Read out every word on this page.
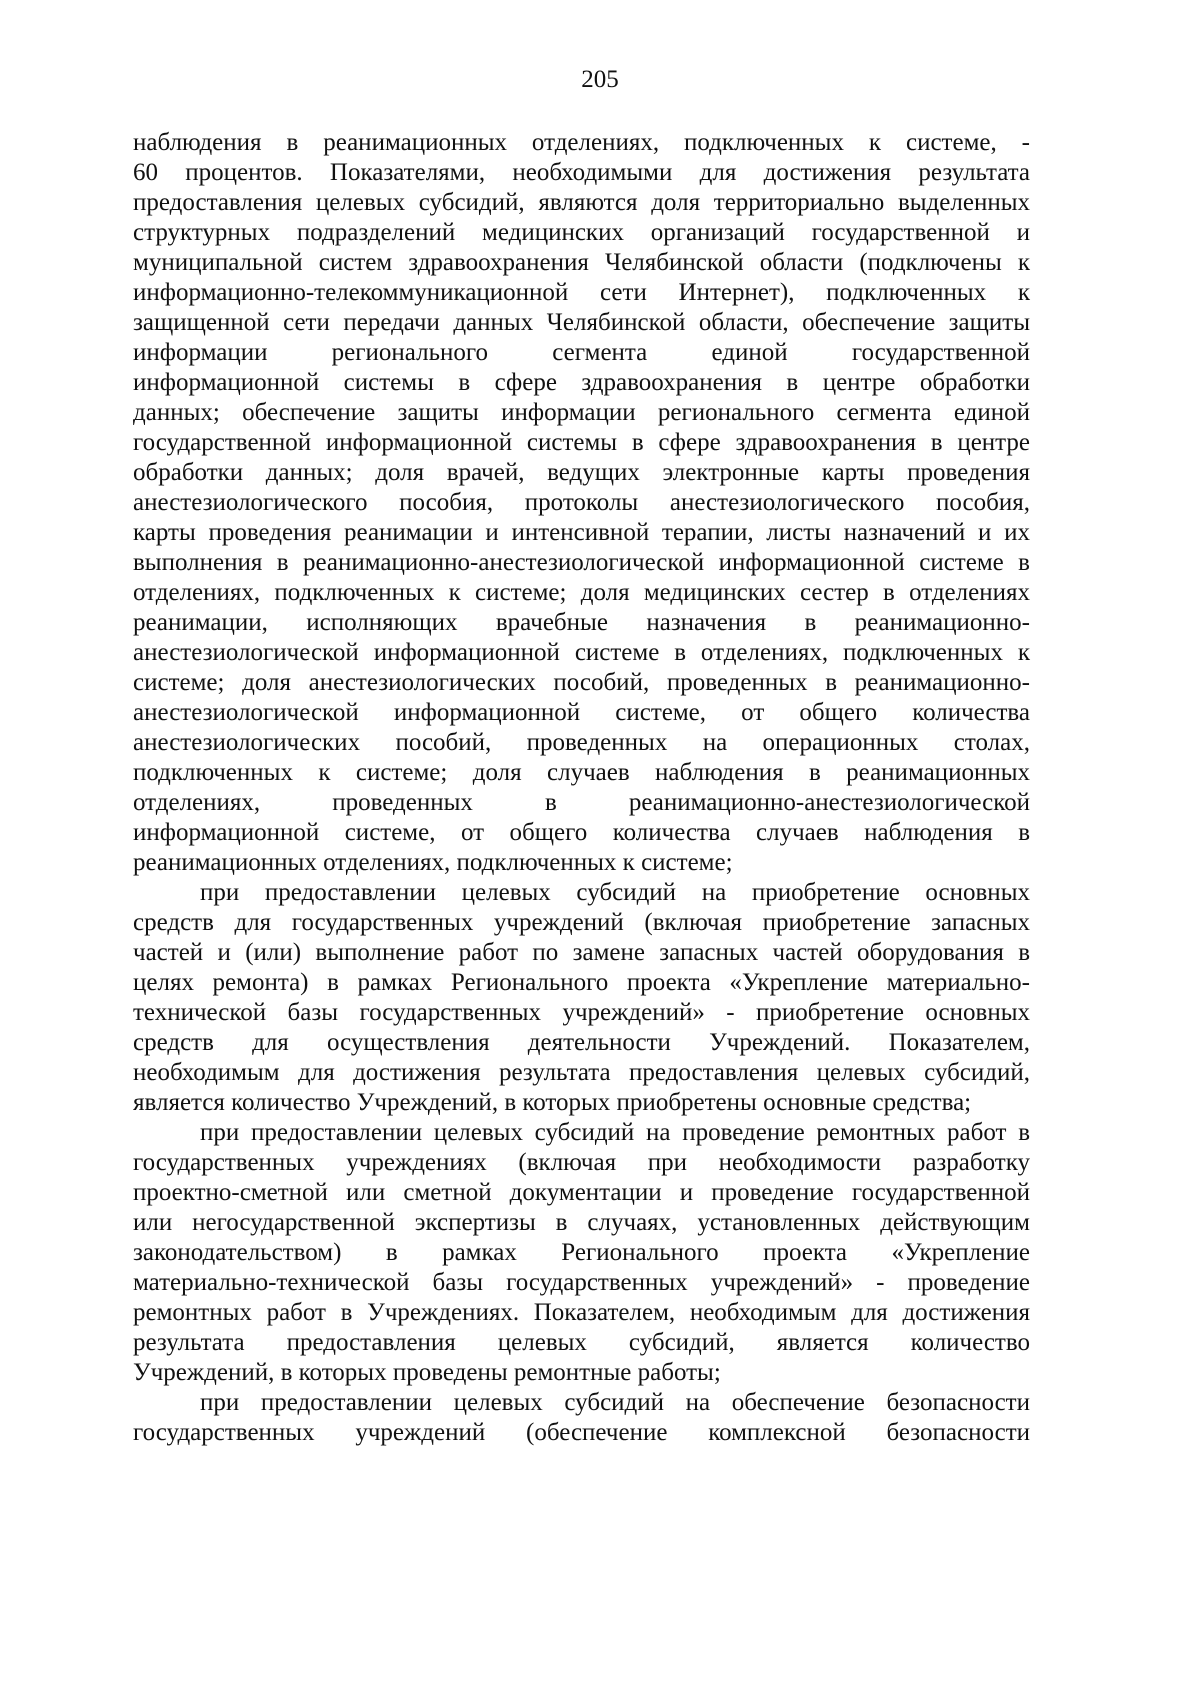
205
наблюдения в реанимационных отделениях, подключенных к системе, -
60 процентов. Показателями, необходимыми для достижения результата
предоставления целевых субсидий, являются доля территориально выделенных
структурных подразделений медицинских организаций государственной и
муниципальной систем здравоохранения Челябинской области (подключены к
информационно-телекоммуникационной сети Интернет), подключенных к
защищенной сети передачи данных Челябинской области, обеспечение защиты
информации регионального сегмента единой государственной
информационной системы в сфере здравоохранения в центре обработки
данных; обеспечение защиты информации регионального сегмента единой
государственной информационной системы в сфере здравоохранения в центре
обработки данных; доля врачей, ведущих электронные карты проведения
анестезиологического пособия, протоколы анестезиологического пособия,
карты проведения реанимации и интенсивной терапии, листы назначений и их
выполнения в реанимационно-анестезиологической информационной системе в
отделениях, подключенных к системе; доля медицинских сестер в отделениях
реанимации, исполняющих врачебные назначения в реанимационно-
анестезиологической информационной системе в отделениях, подключенных к
системе; доля анестезиологических пособий, проведенных в реанимационно-
анестезиологической информационной системе, от общего количества
анестезиологических пособий, проведенных на операционных столах,
подключенных к системе; доля случаев наблюдения в реанимационных
отделениях, проведенных в реанимационно-анестезиологической
информационной системе, от общего количества случаев наблюдения в
реанимационных отделениях, подключенных к системе;
при предоставлении целевых субсидий на приобретение основных
средств для государственных учреждений (включая приобретение запасных
частей и (или) выполнение работ по замене запасных частей оборудования в
целях ремонта) в рамках Регионального проекта «Укрепление материально-
технической базы государственных учреждений» - приобретение основных
средств для осуществления деятельности Учреждений. Показателем,
необходимым для достижения результата предоставления целевых субсидий,
является количество Учреждений, в которых приобретены основные средства;
при предоставлении целевых субсидий на проведение ремонтных работ в
государственных учреждениях (включая при необходимости разработку
проектно-сметной или сметной документации и проведение государственной
или негосударственной экспертизы в случаях, установленных действующим
законодательством) в рамках Регионального проекта «Укрепление
материально-технической базы государственных учреждений» - проведение
ремонтных работ в Учреждениях. Показателем, необходимым для достижения
результата предоставления целевых субсидий, является количество
Учреждений, в которых проведены ремонтные работы;
при предоставлении целевых субсидий на обеспечение безопасности
государственных учреждений (обеспечение комплексной безопасности
